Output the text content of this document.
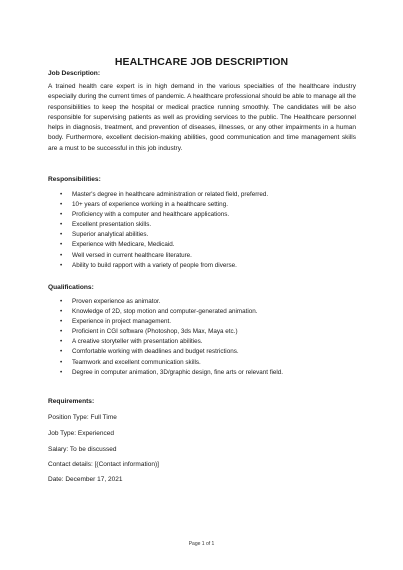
HEALTHCARE JOB DESCRIPTION
Job Description:
A trained health care expert is in high demand in the various specialties of the healthcare industry especially during the current times of pandemic. A healthcare professional should be able to manage all the responsibilities to keep the hospital or medical practice running smoothly. The candidates will be also responsible for supervising patients as well as providing services to the public. The Healthcare personnel helps in diagnosis, treatment, and prevention of diseases, illnesses, or any other impairments in a human body. Furthermore, excellent decision-making abilities, good communication and time management skills are a must to be successful in this job industry.
Responsibilities:
• Master's degree in healthcare administration or related field, preferred.
• 10+ years of experience working in a healthcare setting.
• Proficiency with a computer and healthcare applications.
• Excellent presentation skills.
• Superior analytical abilities.
• Experience with Medicare, Medicaid.
• Well versed in current healthcare literature.
• Ability to build rapport with a variety of people from diverse.
Qualifications:
• Proven experience as animator.
• Knowledge of 2D, stop motion and computer-generated animation.
• Experience in project management.
• Proficient in CGI software (Photoshop, 3ds Max, Maya etc.)
• A creative storyteller with presentation abilities.
• Comfortable working with deadlines and budget restrictions.
• Teamwork and excellent communication skills.
• Degree in computer animation, 3D/graphic design, fine arts or relevant field.
Requirements:
Position Type: Full Time
Job Type: Experienced
Salary: To be discussed
Contact details: [(Contact information)]
Date: December 17, 2021
Page 1 of 1
